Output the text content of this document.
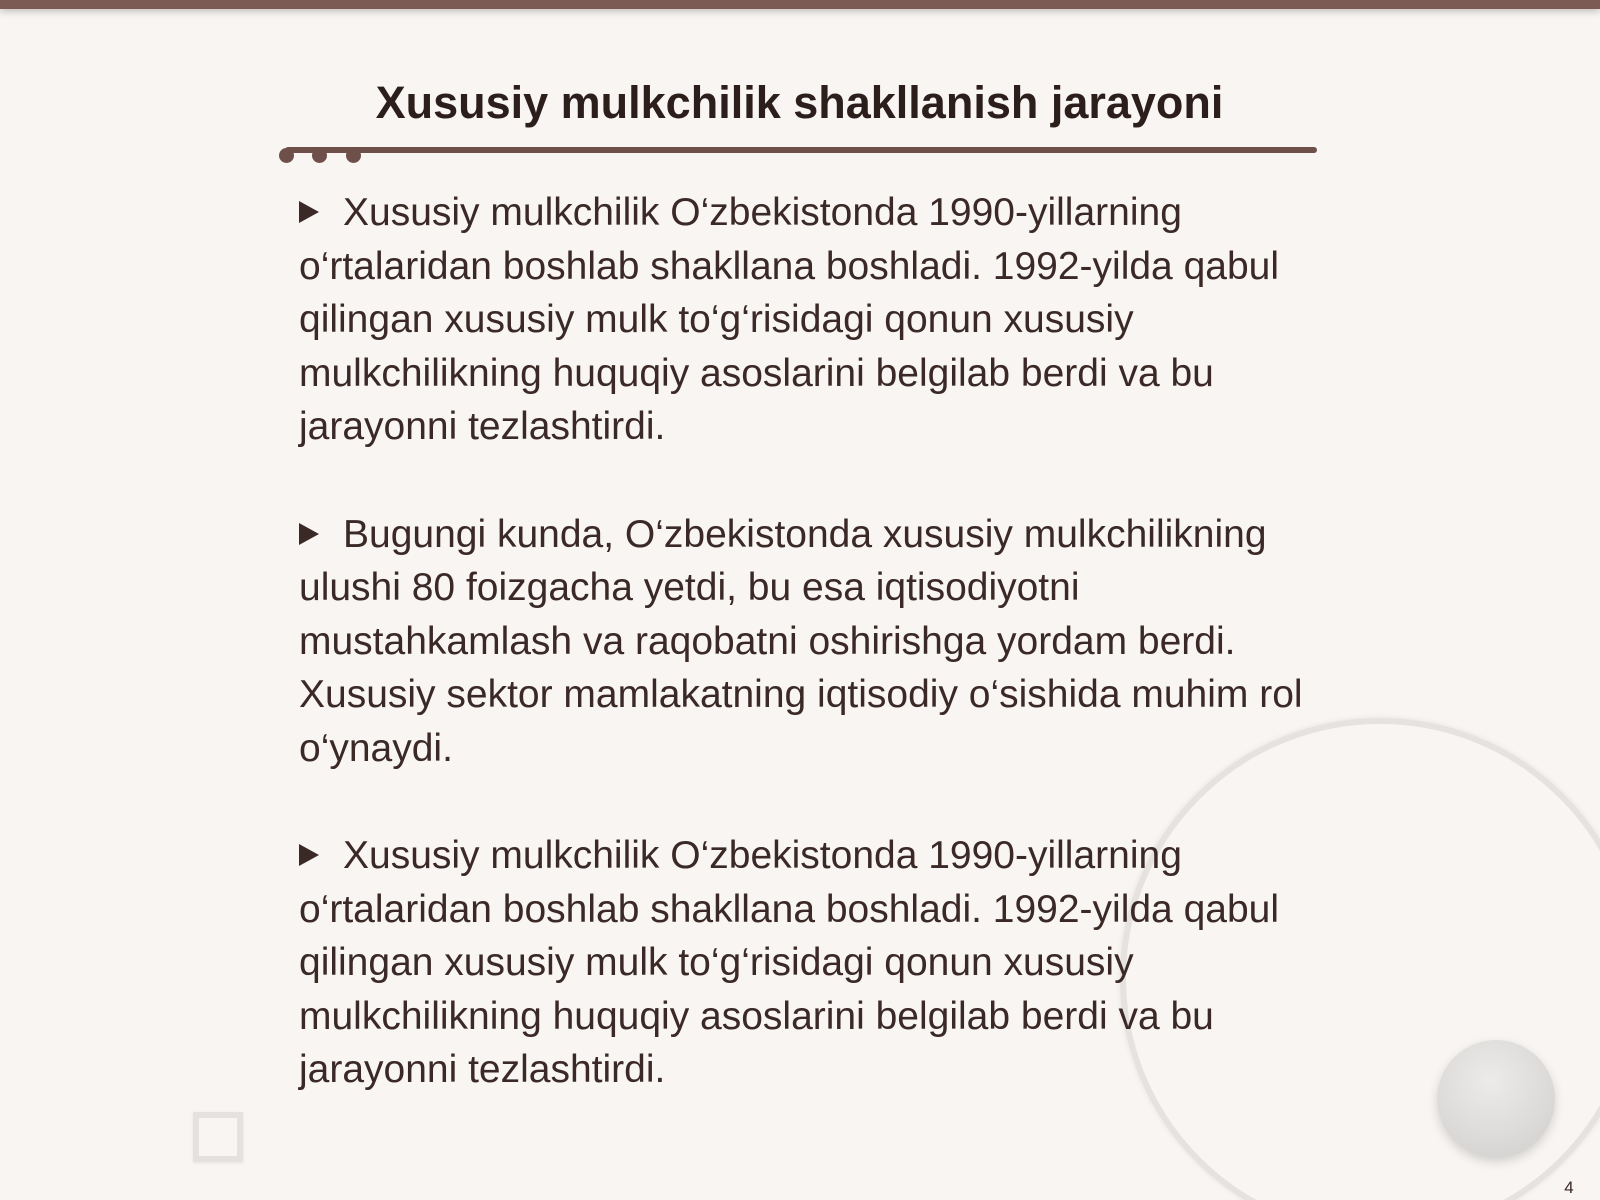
Xususiy mulkchilik shakllanish jarayoni
Xususiy mulkchilik O‘zbekistonda 1990-yillarning o‘rtalaridan boshlab shakllana boshladi. 1992-yilda qabul qilingan xususiy mulk to‘g‘risidagi qonun xususiy mulkchilikning huquqiy asoslarini belgilab berdi va bu jarayonni tezlashtirdi.
Bugungi kunda, O‘zbekistonda xususiy mulkchilikning ulushi 80 foizgacha yetdi, bu esa iqtisodiyotni mustahkamlash va raqobatni oshirishga yordam berdi. Xususiy sektor mamlakatning iqtisodiy o‘sishida muhim rol o‘ynaydi.
Xususiy mulkchilik O‘zbekistonda 1990-yillarning o‘rtalaridan boshlab shakllana boshladi. 1992-yilda qabul qilingan xususiy mulk to‘g‘risidagi qonun xususiy mulkchilikning huquqiy asoslarini belgilab berdi va bu jarayonni tezlashtirdi.
4
